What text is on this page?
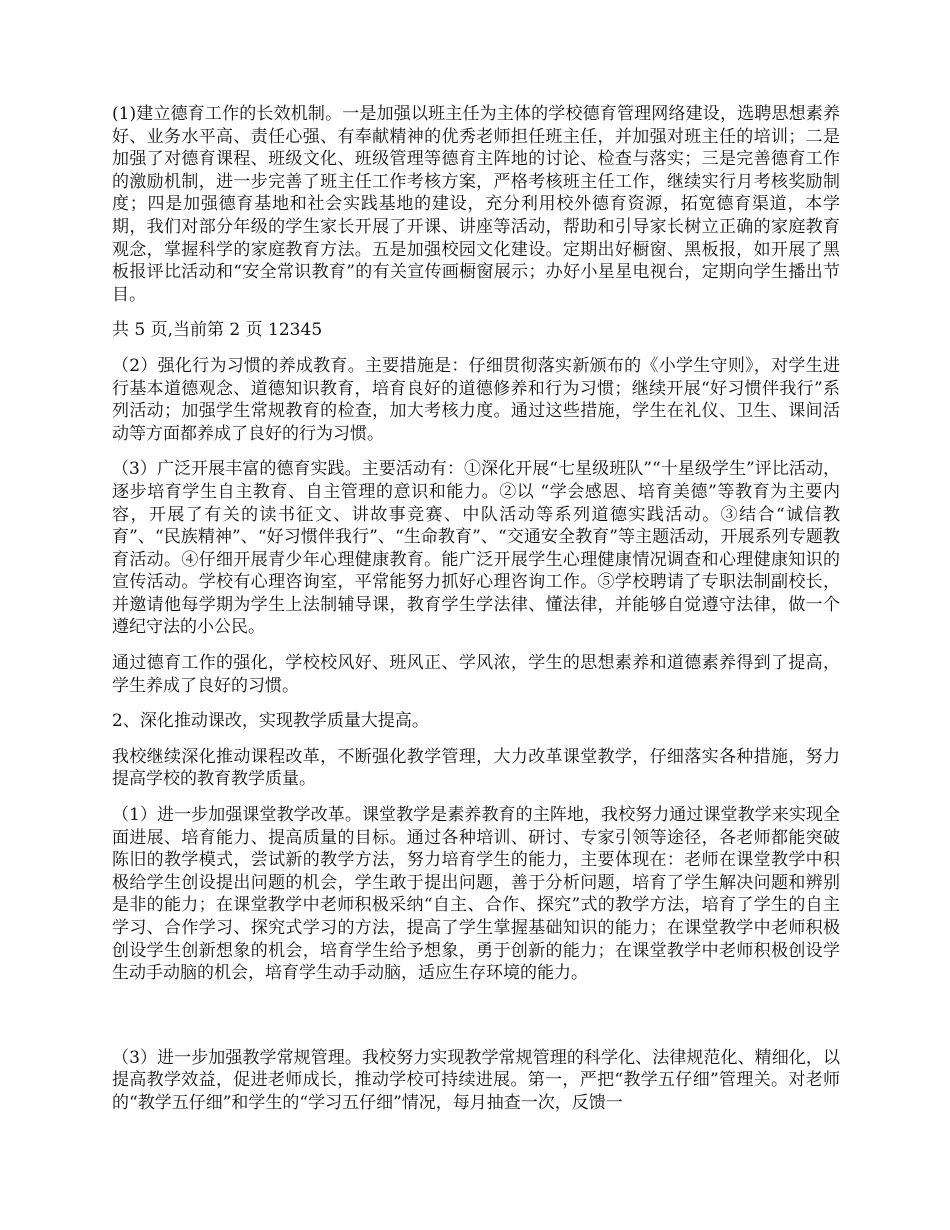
(1)建立德育工作的长效机制。一是加强以班主任为主体的学校德育管理网络建设，选聘思想素养好、业务水平高、责任心强、有奉献精神的优秀老师担任班主任，并加强对班主任的培训；二是加强了对德育课程、班级文化、班级管理等德育主阵地的讨论、检查与落实；三是完善德育工作的激励机制，进一步完善了班主任工作考核方案，严格考核班主任工作，继续实行月考核奖励制度；四是加强德育基地和社会实践基地的建设，充分利用校外德育资源，拓宽德育渠道，本学期，我们对部分年级的学生家长开展了开课、讲座等活动，帮助和引导家长树立正确的家庭教育观念，掌握科学的家庭教育方法。五是加强校园文化建设。定期出好橱窗、黑板报，如开展了黑板报评比活动和“安全常识教育”的有关宣传画橱窗展示；办好小星星电视台，定期向学生播出节目。

共 5 页,当前第 2 页 12345

（2）强化行为习惯的养成教育。主要措施是：仔细贯彻落实新颁布的《小学生守则》，对学生进行基本道德观念、道德知识教育，培育良好的道德修养和行为习惯；继续开展“好习惯伴我行”系列活动；加强学生常规教育的检查，加大考核力度。通过这些措施，学生在礼仪、卫生、课间活动等方面都养成了良好的行为习惯。

（3）广泛开展丰富的德育实践。主要活动有：①深化开展“七星级班队”“十星级学生”评比活动，逐步培育学生自主教育、自主管理的意识和能力。②以 “学会感恩、培育美德”等教育为主要内容，开展了有关的读书征文、讲故事竞赛、中队活动等系列道德实践活动。③结合“诚信教育”、“民族精神”、“好习惯伴我行”、“生命教育”、“交通安全教育”等主题活动，开展系列专题教育活动。④仔细开展青少年心理健康教育。能广泛开展学生心理健康情况调查和心理健康知识的宣传活动。学校有心理咨询室，平常能努力抓好心理咨询工作。⑤学校聘请了专职法制副校长，并邀请他每学期为学生上法制辅导课，教育学生学法律、懂法律，并能够自觉遵守法律，做一个遵纪守法的小公民。

通过德育工作的强化，学校校风好、班风正、学风浓，学生的思想素养和道德素养得到了提高，学生养成了良好的习惯。

2、深化推动课改，实现教学质量大提高。

我校继续深化推动课程改革，不断强化教学管理，大力改革课堂教学，仔细落实各种措施，努力提高学校的教育教学质量。

（1）进一步加强课堂教学改革。课堂教学是素养教育的主阵地，我校努力通过课堂教学来实现全面进展、培育能力、提高质量的目标。通过各种培训、研讨、专家引领等途径，各老师都能突破陈旧的教学模式，尝试新的教学方法，努力培育学生的能力，主要体现在：老师在课堂教学中积极给学生创设提出问题的机会，学生敢于提出问题，善于分析问题，培育了学生解决问题和辨别是非的能力；在课堂教学中老师积极采纳“自主、合作、探究”式的教学方法，培育了学生的自主学习、合作学习、探究式学习的方法，提高了学生掌握基础知识的能力；在课堂教学中老师积极创设学生创新想象的机会，培育学生给予想象，勇于创新的能力；在课堂教学中老师积极创设学生动手动脑的机会，培育学生动手动脑，适应生存环境的能力。

（3）进一步加强教学常规管理。我校努力实现教学常规管理的科学化、法律规范化、精细化，以提高教学效益，促进老师成长，推动学校可持续进展。第一，严把“教学五仔细”管理关。对老师的“教学五仔细”和学生的“学习五仔细”情况，每月抽查一次，反馈一
